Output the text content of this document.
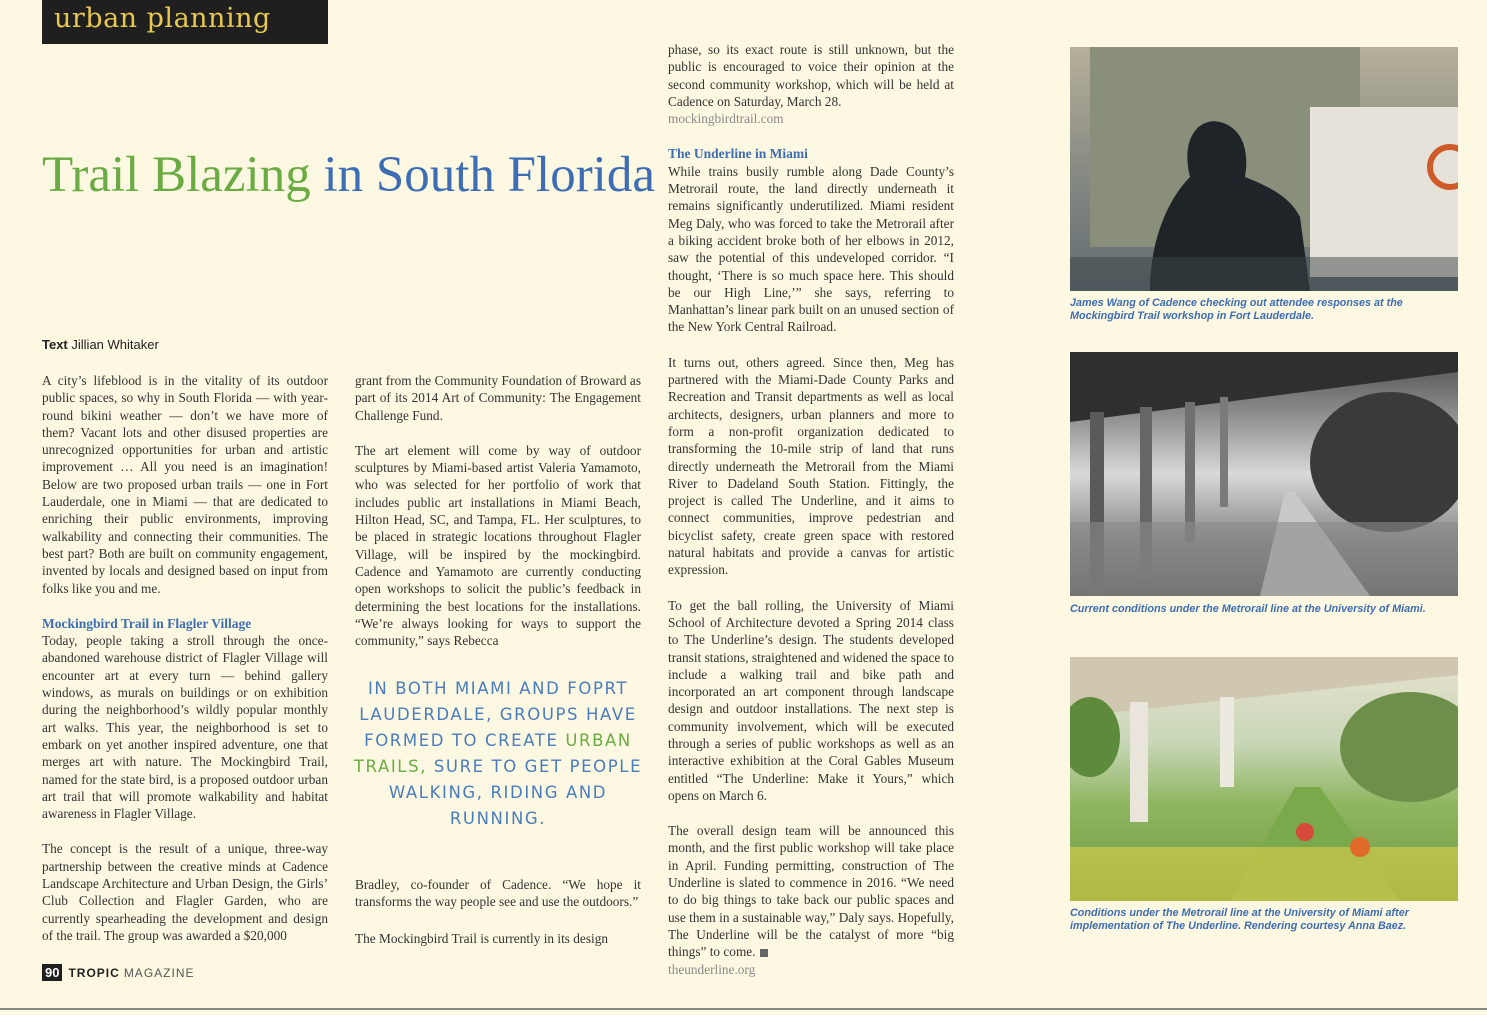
urban planning
Trail Blazing in South Florida
Text Jillian Whitaker

A city’s lifeblood is in the vitality of its outdoor public spaces, so why in South Florida — with year-round bikini weather — don’t we have more of them? Vacant lots and other disused properties are unrecognized opportunities for urban and artistic improvement … All you need is an imagination! Below are two proposed urban trails — one in Fort Lauderdale, one in Miami — that are dedicated to enriching their public environments, improving walkability and connecting their communities. The best part? Both are built on community engagement, invented by locals and designed based on input from folks like you and me.

Mockingbird Trail in Flagler Village

Today, people taking a stroll through the once-abandoned warehouse district of Flagler Village will encounter art at every turn — behind gallery windows, as murals on buildings or on exhibition during the neighborhood’s wildly popular monthly art walks. This year, the neighborhood is set to embark on yet another inspired adventure, one that merges art with nature. The Mockingbird Trail, named for the state bird, is a proposed outdoor urban art trail that will promote walkability and habitat awareness in Flagler Village.

The concept is the result of a unique, three-way partnership between the creative minds at Cadence Landscape Architecture and Urban Design, the Girls’ Club Collection and Flagler Garden, who are currently spearheading the development and design of the trail. The group was awarded a $20,000

grant from the Community Foundation of Broward as part of its 2014 Art of Community: The Engagement Challenge Fund.

The art element will come by way of outdoor sculptures by Miami-based artist Valeria Yamamoto, who was selected for her portfolio of work that includes public art installations in Miami Beach, Hilton Head, SC, and Tampa, FL. Her sculptures, to be placed in strategic locations throughout Flagler Village, will be inspired by the mockingbird. Cadence and Yamamoto are currently conducting open workshops to solicit the public’s feedback in determining the best locations for the installations. “We’re always looking for ways to support the community,” says Rebecca

Bradley, co-founder of Cadence. “We hope it transforms the way people see and use the outdoors.”

The Mockingbird Trail is currently in its design

IN BOTH MIAMI AND FOPRT LAUDERDALE, GROUPS HAVE FORMED TO CREATE URBAN TRAILS, SURE TO GET PEOPLE WALKING, RIDING AND RUNNING.

phase, so its exact route is still unknown, but the public is encouraged to voice their opinion at the second community workshop, which will be held at Cadence on Saturday, March 28.

mockingbirdtrail.com
The Underline in Miami

While trains busily rumble along Dade County’s Metrorail route, the land directly underneath it remains significantly underutilized. Miami resident Meg Daly, who was forced to take the Metrorail after a biking accident broke both of her elbows in 2012, saw the potential of this undeveloped corridor. “I thought, ‘There is so much space here. This should be our High Line,’” she says, referring to Manhattan’s linear park built on an unused section of the New York Central Railroad.

It turns out, others agreed. Since then, Meg has partnered with the Miami-Dade County Parks and Recreation and Transit departments as well as local architects, designers, urban planners and more to form a non-profit organization dedicated to transforming the 10-mile strip of land that runs directly underneath the Metrorail from the Miami River to Dadeland South Station. Fittingly, the project is called The Underline, and it aims to connect communities, improve pedestrian and bicyclist safety, create green space with restored natural habitats and provide a canvas for artistic expression.

To get the ball rolling, the University of Miami School of Architecture devoted a Spring 2014 class to The Underline’s design. The students developed transit stations, straightened and widened the space to include a walking trail and bike path and incorporated an art component through landscape design and outdoor installations. The next step is community involvement, which will be executed through a series of public workshops as well as an interactive exhibition at the Coral Gables Museum entitled “The Underline: Make it Yours,” which opens on March 6.

The overall design team will be announced this month, and the first public workshop will take place in April. Funding permitting, construction of The Underline is slated to commence in 2016. “We need to do big things to take back our public spaces and use them in a sustainable way,” Daly says. Hopefully, The Underline will be the catalyst of more “big things” to come.

theunderline.org
James Wang of Cadence checking out attendee responses at the Mockingbird Trail workshop in Fort Lauderdale.
Current conditions under the Metrorail line at the University of Miami.
Conditions under the Metrorail line at the University of Miami after implementation of The Underline. Rendering courtesy Anna Baez.
90 TROPIC MAGAZINE
